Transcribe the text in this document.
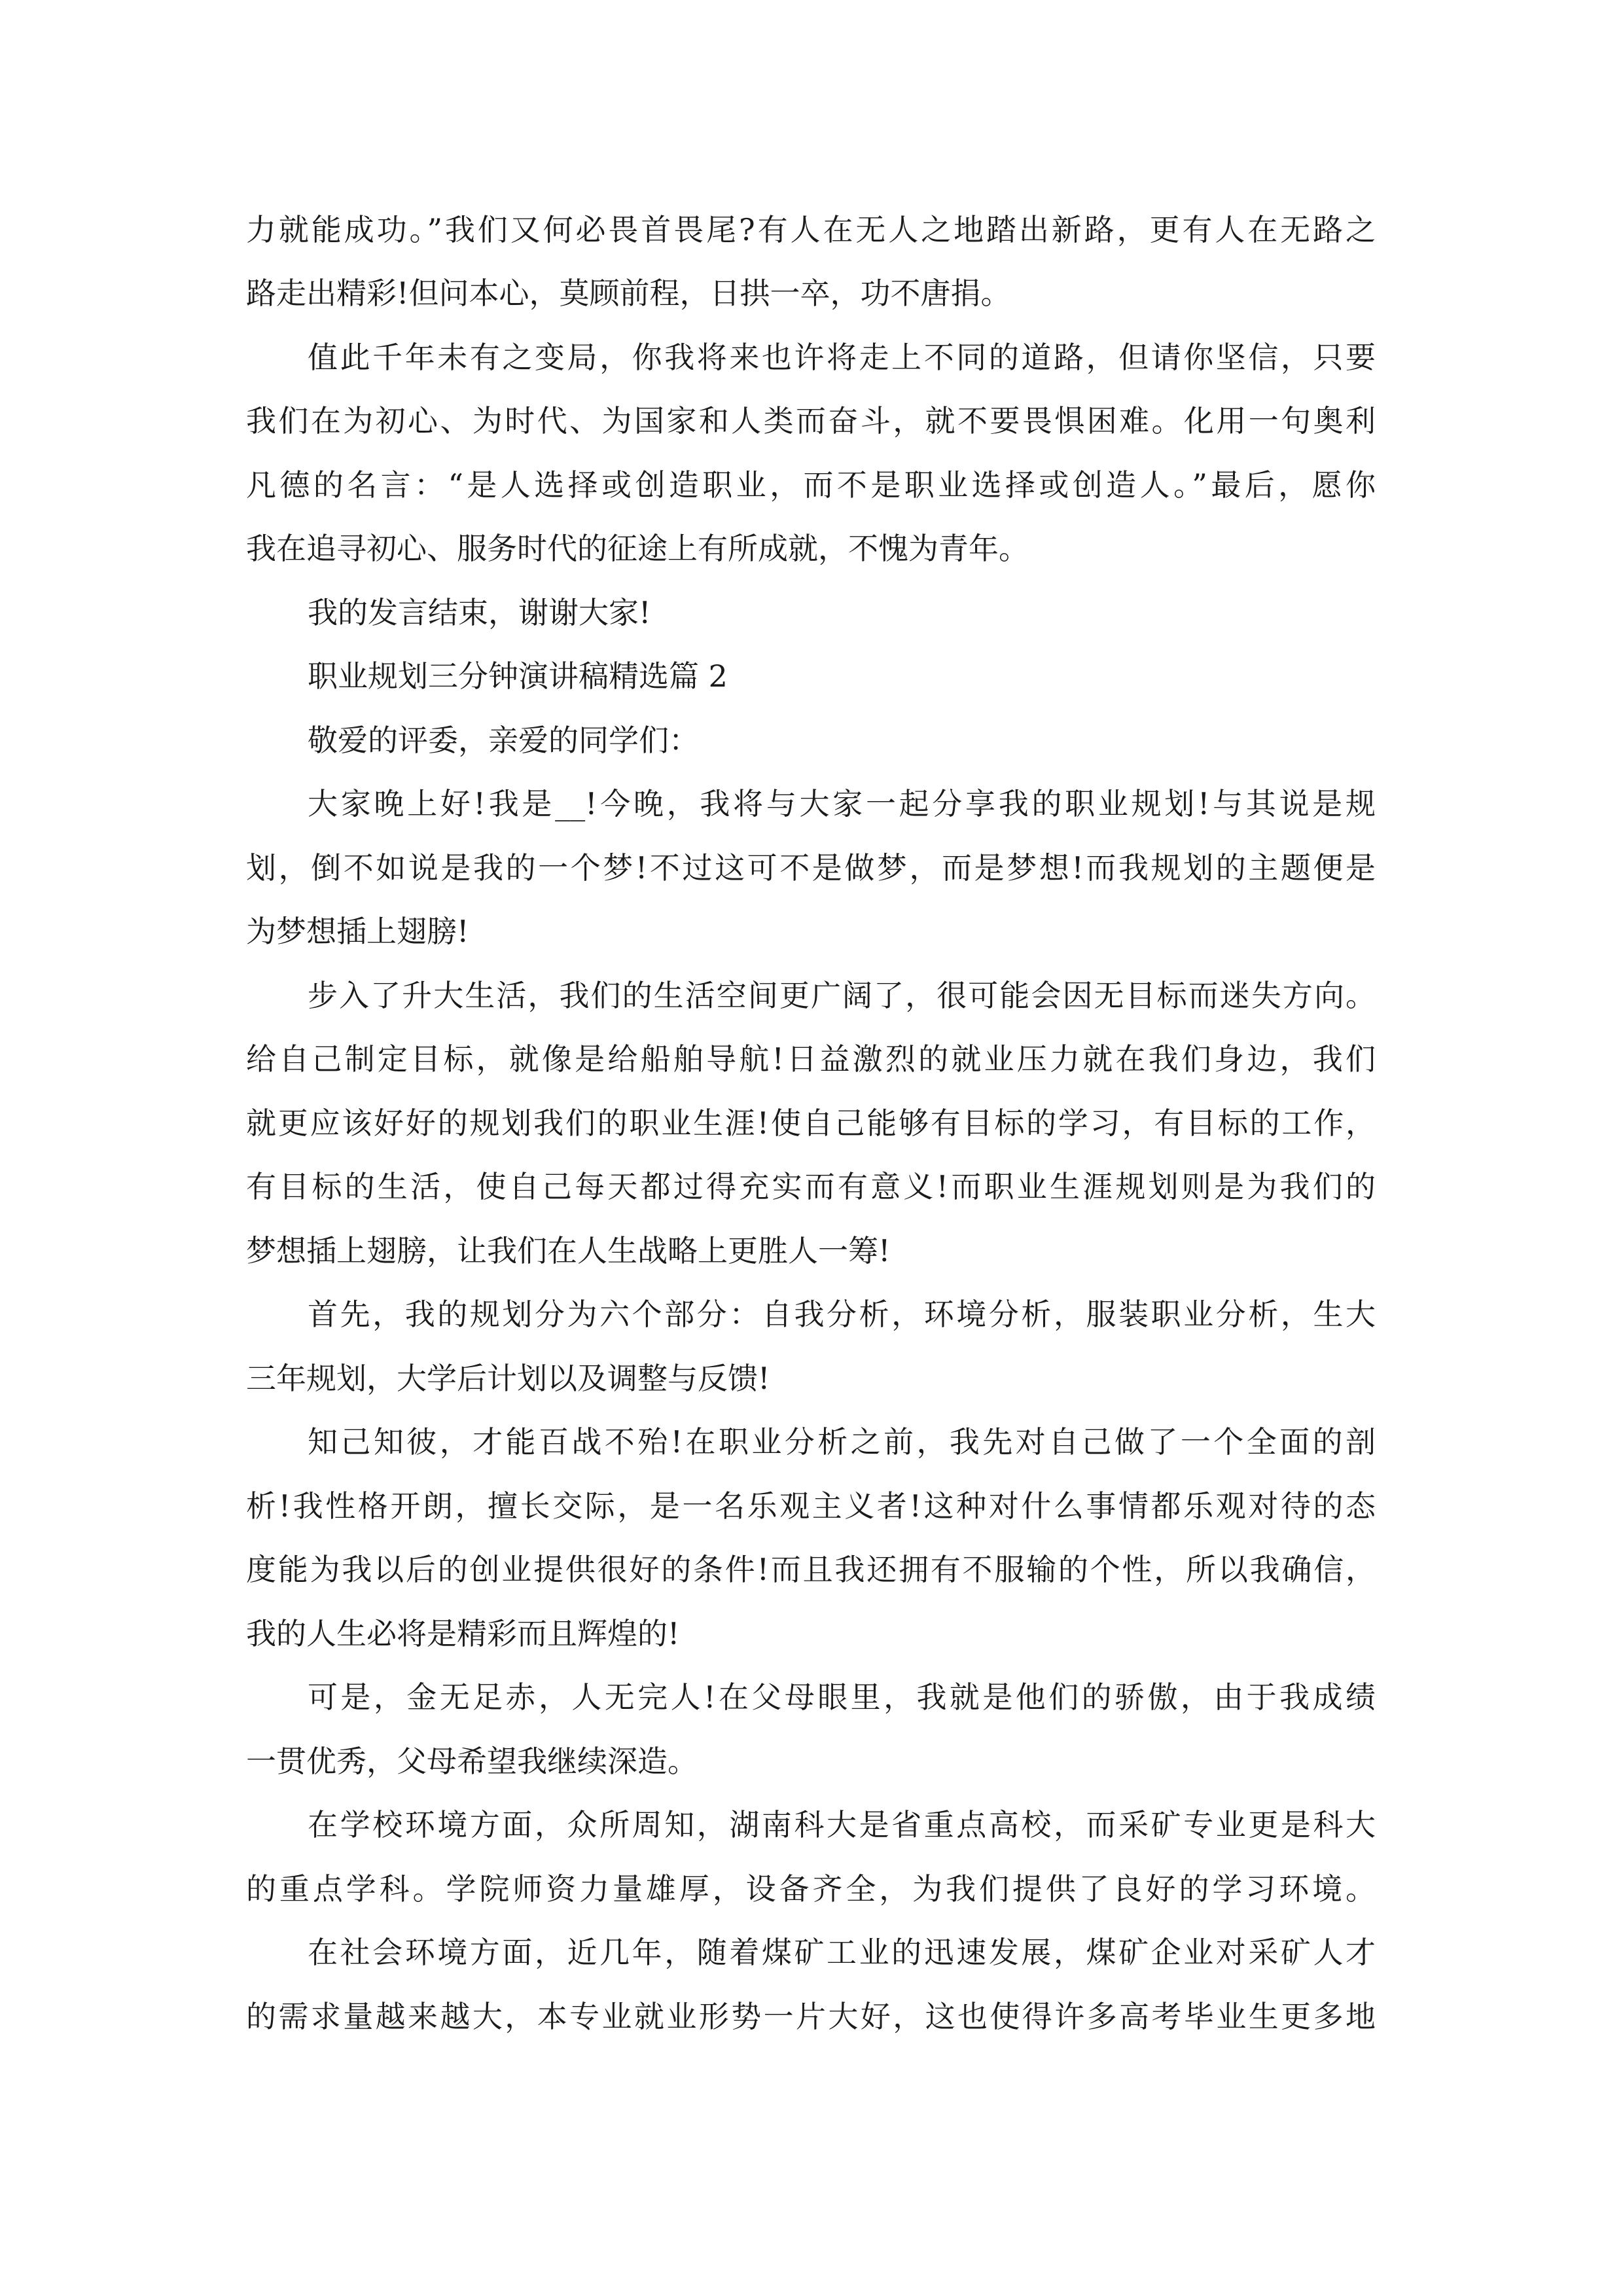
力就能成功。”我们又何必畏首畏尾?有人在无人之地踏出新路，更有人在无路之
路走出精彩!但问本心，莫顾前程，日拱一卒，功不唐捐。
值此千年未有之变局，你我将来也许将走上不同的道路，但请你坚信，只要
我们在为初心、为时代、为国家和人类而奋斗，就不要畏惧困难。化用一句奥利
凡德的名言：“是人选择或创造职业，而不是职业选择或创造人。”最后，愿你
我在追寻初心、服务时代的征途上有所成就，不愧为青年。
我的发言结束，谢谢大家!
职业规划三分钟演讲稿精选篇 2
敬爱的评委，亲爱的同学们：
大家晚上好!我是__!今晚，我将与大家一起分享我的职业规划!与其说是规
划，倒不如说是我的一个梦!不过这可不是做梦，而是梦想!而我规划的主题便是
为梦想插上翅膀!
步入了升大生活，我们的生活空间更广阔了，很可能会因无目标而迷失方向。
给自己制定目标，就像是给船舶导航!日益激烈的就业压力就在我们身边，我们
就更应该好好的规划我们的职业生涯!使自己能够有目标的学习，有目标的工作，
有目标的生活，使自己每天都过得充实而有意义!而职业生涯规划则是为我们的
梦想插上翅膀，让我们在人生战略上更胜人一筹!
首先，我的规划分为六个部分：自我分析，环境分析，服装职业分析，生大
三年规划，大学后计划以及调整与反馈!
知己知彼，才能百战不殆!在职业分析之前，我先对自己做了一个全面的剖
析!我性格开朗，擅长交际，是一名乐观主义者!这种对什么事情都乐观对待的态
度能为我以后的创业提供很好的条件!而且我还拥有不服输的个性，所以我确信，
我的人生必将是精彩而且辉煌的!
可是，金无足赤，人无完人!在父母眼里，我就是他们的骄傲，由于我成绩
一贯优秀，父母希望我继续深造。
在学校环境方面，众所周知，湖南科大是省重点高校，而采矿专业更是科大
的重点学科。学院师资力量雄厚，设备齐全，为我们提供了良好的学习环境。
在社会环境方面，近几年，随着煤矿工业的迅速发展，煤矿企业对采矿人才
的需求量越来越大，本专业就业形势一片大好，这也使得许多高考毕业生更多地
